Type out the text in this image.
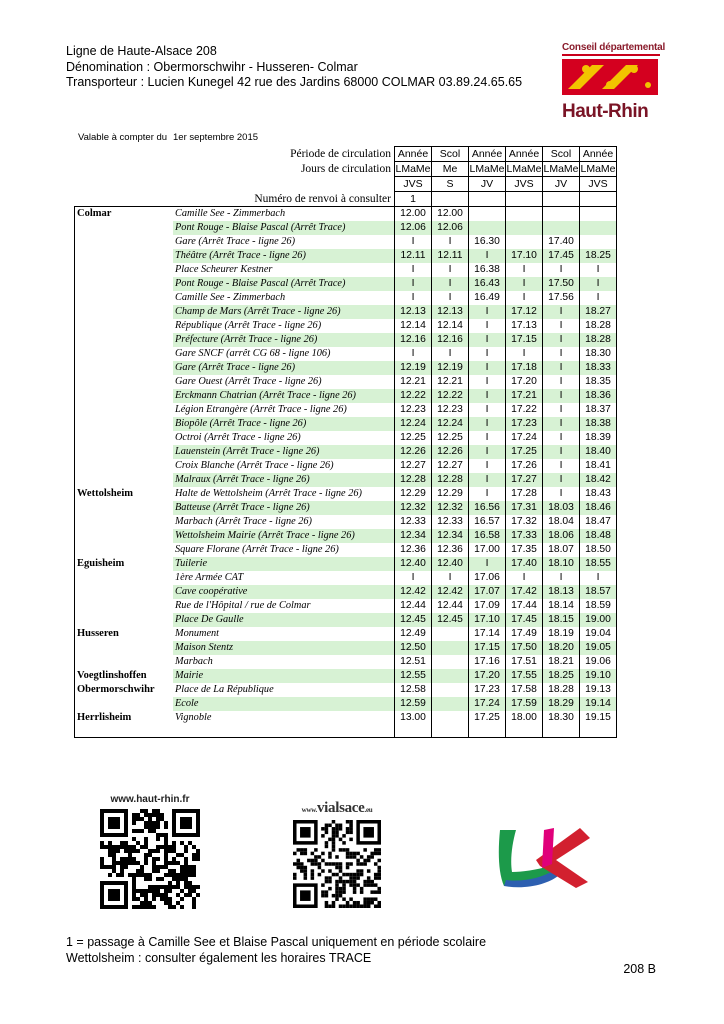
Ligne de Haute-Alsace 208
Dénomination : Obermorschwihr - Husseren- Colmar
Transporteur : Lucien Kunegel 42 rue des Jardins 68000 COLMAR 03.89.24.65.65
Conseil départemental
Haut-Rhin
Valable à compter du 1er septembre 2015
Période de circulation		Année	Scol	Année	Année	Scol	Année
Jours de circulation		LMaMe	Me	LMaMe	LMaMe	LMaMe	LMaMe
		JVS	S	JV	JVS	JV	JVS
Numéro de renvoi à consulter		1					
Colmar	Camille See - Zimmerbach	12.00	12.00				
	Pont Rouge - Blaise Pascal (Arrêt Trace)	12.06	12.06				
	Gare (Arrêt Trace - ligne 26)	I	I	16.30		17.40	
	Théâtre (Arrêt Trace - ligne 26)	12.11	12.11	I	17.10	17.45	18.25
	Place Scheurer Kestner	I	I	16.38	I	I	I
	Pont Rouge - Blaise Pascal (Arrêt Trace)	I	I	16.43	I	17.50	I
	Camille See - Zimmerbach	I	I	16.49	I	17.56	I
	Champ de Mars (Arrêt Trace - ligne 26)	12.13	12.13	I	17.12	I	18.27
	République (Arrêt Trace - ligne 26)	12.14	12.14	I	17.13	I	18.28
	Préfecture (Arrêt Trace - ligne 26)	12.16	12.16	I	17.15	I	18.28
	Gare SNCF (arrêt CG 68 - ligne 106)	I	I	I	I	I	18.30
	Gare (Arrêt Trace - ligne 26)	12.19	12.19	I	17.18	I	18.33
	Gare Ouest (Arrêt Trace - ligne 26)	12.21	12.21	I	17.20	I	18.35
	Erckmann Chatrian (Arrêt Trace - ligne 26)	12.22	12.22	I	17.21	I	18.36
	Légion Etrangère (Arrêt Trace - ligne 26)	12.23	12.23	I	17.22	I	18.37
	Biopôle (Arrêt Trace - ligne 26)	12.24	12.24	I	17.23	I	18.38
	Octroi (Arrêt Trace - ligne 26)	12.25	12.25	I	17.24	I	18.39
	Lauenstein (Arrêt Trace - ligne 26)	12.26	12.26	I	17.25	I	18.40
	Croix Blanche (Arrêt Trace - ligne 26)	12.27	12.27	I	17.26	I	18.41
	Malraux (Arrêt Trace - ligne 26)	12.28	12.28	I	17.27	I	18.42
Wettolsheim	Halte de Wettolsheim (Arrêt Trace - ligne 26)	12.29	12.29	I	17.28	I	18.43
	Batteuse (Arrêt Trace - ligne 26)	12.32	12.32	16.56	17.31	18.03	18.46
	Marbach (Arrêt Trace - ligne 26)	12.33	12.33	16.57	17.32	18.04	18.47
	Wettolsheim Mairie (Arrêt Trace - ligne 26)	12.34	12.34	16.58	17.33	18.06	18.48
	Square Florane (Arrêt Trace - ligne 26)	12.36	12.36	17.00	17.35	18.07	18.50
Eguisheim	Tuilerie	12.40	12.40	I	17.40	18.10	18.55
	1ère Armée CAT	I	I	17.06	I	I	I
	Cave coopérative	12.42	12.42	17.07	17.42	18.13	18.57
	Rue de l'Hôpital / rue de Colmar	12.44	12.44	17.09	17.44	18.14	18.59
	Place De Gaulle	12.45	12.45	17.10	17.45	18.15	19.00
Husseren	Monument	12.49		17.14	17.49	18.19	19.04
	Maison Stentz	12.50		17.15	17.50	18.20	19.05
	Marbach	12.51		17.16	17.51	18.21	19.06
Voegtlinshoffen	Mairie	12.55		17.20	17.55	18.25	19.10
Obermorschwihr	Place de La République	12.58		17.23	17.58	18.28	19.13
	Ecole	12.59		17.24	17.59	18.29	19.14
Herrlisheim	Vignoble	13.00		17.25	18.00	18.30	19.15

www.haut-rhin.fr
www.vialsace.eu
1 = passage à Camille See et Blaise Pascal uniquement en période scolaire
Wettolsheim : consulter également les horaires TRACE
208 B
